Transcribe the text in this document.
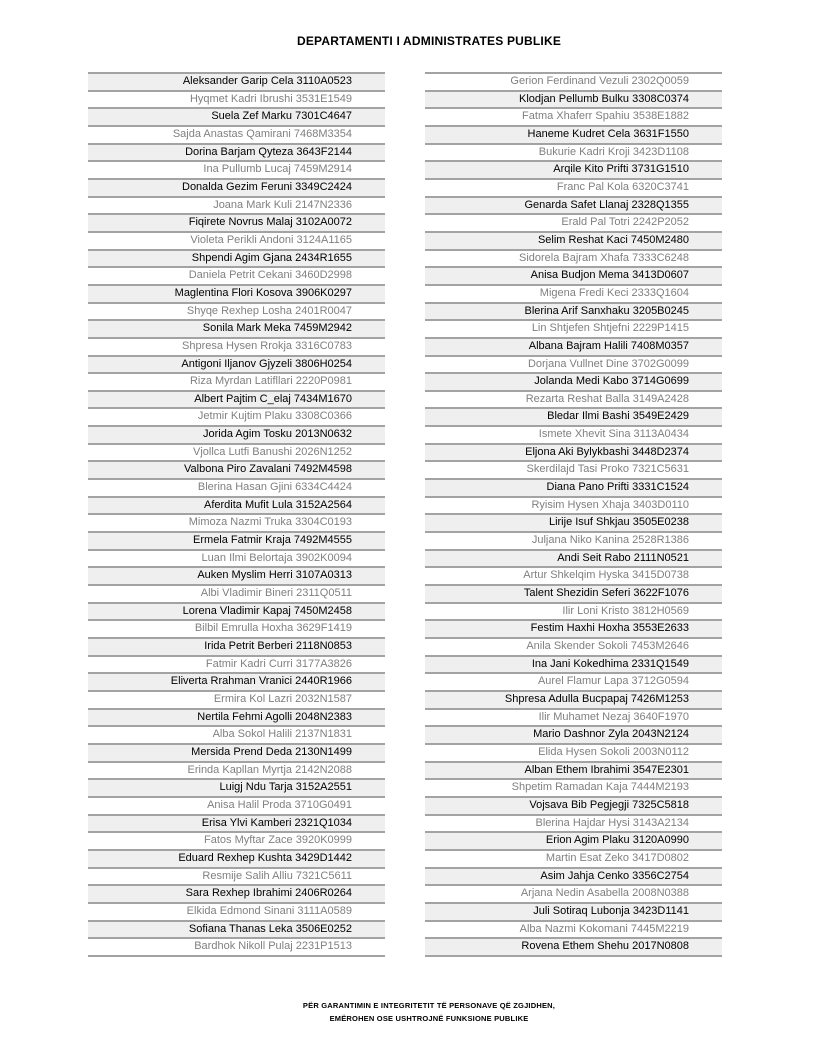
DEPARTAMENTI I ADMINISTRATES PUBLIKE
Aleksander Garip Cela 3110A0523
Hyqmet Kadri Ibrushi 3531E1549
Suela Zef Marku 7301C4647
Sajda Anastas Qamirani 7468M3354
Dorina Barjam Qyteza 3643F2144
Ina Pullumb Lucaj 7459M2914
Donalda Gezim Feruni 3349C2424
Joana Mark Kuli 2147N2336
Fiqirete Novrus Malaj 3102A0072
Violeta Perikli Andoni 3124A1165
Shpendi Agim Gjana 2434R1655
Daniela Petrit Cekani 3460D2998
Maglentina Flori Kosova 3906K0297
Shyqe Rexhep Losha 2401R0047
Sonila Mark Meka 7459M2942
Shpresa Hysen Rrokja 3316C0783
Antigoni Iljanov Gjyzeli 3806H0254
Riza Myrdan Latifllari 2220P0981
Albert Pajtim C_elaj 7434M1670
Jetmir Kujtim Plaku 3308C0366
Jorida Agim Tosku 2013N0632
Vjollca Lutfi Banushi 2026N1252
Valbona Piro Zavalani 7492M4598
Blerina Hasan Gjini 6334C4424
Aferdita Mufit Lula 3152A2564
Mimoza Nazmi Truka 3304C0193
Ermela Fatmir Kraja 7492M4555
Luan Ilmi Belortaja 3902K0094
Auken Myslim Herri 3107A0313
Albi Vladimir Bineri 2311Q0511
Lorena Vladimir Kapaj 7450M2458
Bilbil Emrulla Hoxha 3629F1419
Irida Petrit Berberi 2118N0853
Fatmir Kadri Curri 3177A3826
Eliverta Rrahman Vranici 2440R1966
Ermira Kol Lazri 2032N1587
Nertila Fehmi Agolli 2048N2383
Alba Sokol Halili 2137N1831
Mersida Prend Deda 2130N1499
Erinda Kapllan Myrtja 2142N2088
Luigj Ndu Tarja 3152A2551
Anisa Halil Proda 3710G0491
Erisa Ylvi Kamberi 2321Q1034
Fatos Myftar Zace 3920K0999
Eduard Rexhep Kushta 3429D1442
Resmije Salih Alliu 7321C5611
Sara Rexhep Ibrahimi 2406R0264
Elkida Edmond Sinani 3111A0589
Sofiana Thanas Leka 3506E0252
Bardhok Nikoll Pulaj 2231P1513
Gerion Ferdinand Vezuli 2302Q0059
Klodjan Pellumb Bulku 3308C0374
Fatma Xhaferr Spahiu 3538E1882
Haneme Kudret Cela 3631F1550
Bukurie Kadri Kroji 3423D1108
Arqile Kito Prifti 3731G1510
Franc Pal Kola 6320C3741
Genarda Safet Llanaj 2328Q1355
Erald Pal Totri 2242P2052
Selim Reshat Kaci 7450M2480
Sidorela Bajram Xhafa 7333C6248
Anisa Budjon Mema 3413D0607
Migena Fredi Keci 2333Q1604
Blerina Arif Sanxhaku 3205B0245
Lin Shtjefen Shtjefni 2229P1415
Albana Bajram Halili 7408M0357
Dorjana Vullnet Dine 3702G0099
Jolanda Medi Kabo 3714G0699
Rezarta Reshat Balla 3149A2428
Bledar Ilmi Bashi 3549E2429
Ismete Xhevit Sina 3113A0434
Eljona Aki Bylykbashi 3448D2374
Skerdilajd Tasi Proko 7321C5631
Diana Pano Prifti 3331C1524
Ryisim Hysen Xhaja 3403D0110
Lirije Isuf Shkjau 3505E0238
Juljana Niko Kanina 2528R1386
Andi Seit Rabo 2111N0521
Artur Shkelqim Hyska 3415D0738
Talent Shezidin Seferi 3622F1076
Ilir Loni Kristo 3812H0569
Festim Haxhi Hoxha 3553E2633
Anila Skender Sokoli 7453M2646
Ina Jani Kokedhima 2331Q1549
Aurel Flamur Lapa 3712G0594
Shpresa Adulla Bucpapaj 7426M1253
Ilir Muhamet Nezaj 3640F1970
Mario Dashnor Zyla 2043N2124
Elida Hysen Sokoli 2003N0112
Alban Ethem Ibrahimi 3547E2301
Shpetim Ramadan Kaja 7444M2193
Vojsava Bib Pegjegji 7325C5818
Blerina Hajdar Hysi 3143A2134
Erion Agim Plaku 3120A0990
Martin Esat Zeko 3417D0802
Asim Jahja Cenko 3356C2754
Arjana Nedin Asabella 2008N0388
Juli Sotiraq Lubonja 3423D1141
Alba Nazmi Kokomani 7445M2219
Rovena Ethem Shehu 2017N0808
PËR GARANTIMIN E INTEGRITETIT TË PERSONAVE QË ZGJIDHEN,
EMËROHEN OSE USHTROJNË FUNKSIONE PUBLIKE
